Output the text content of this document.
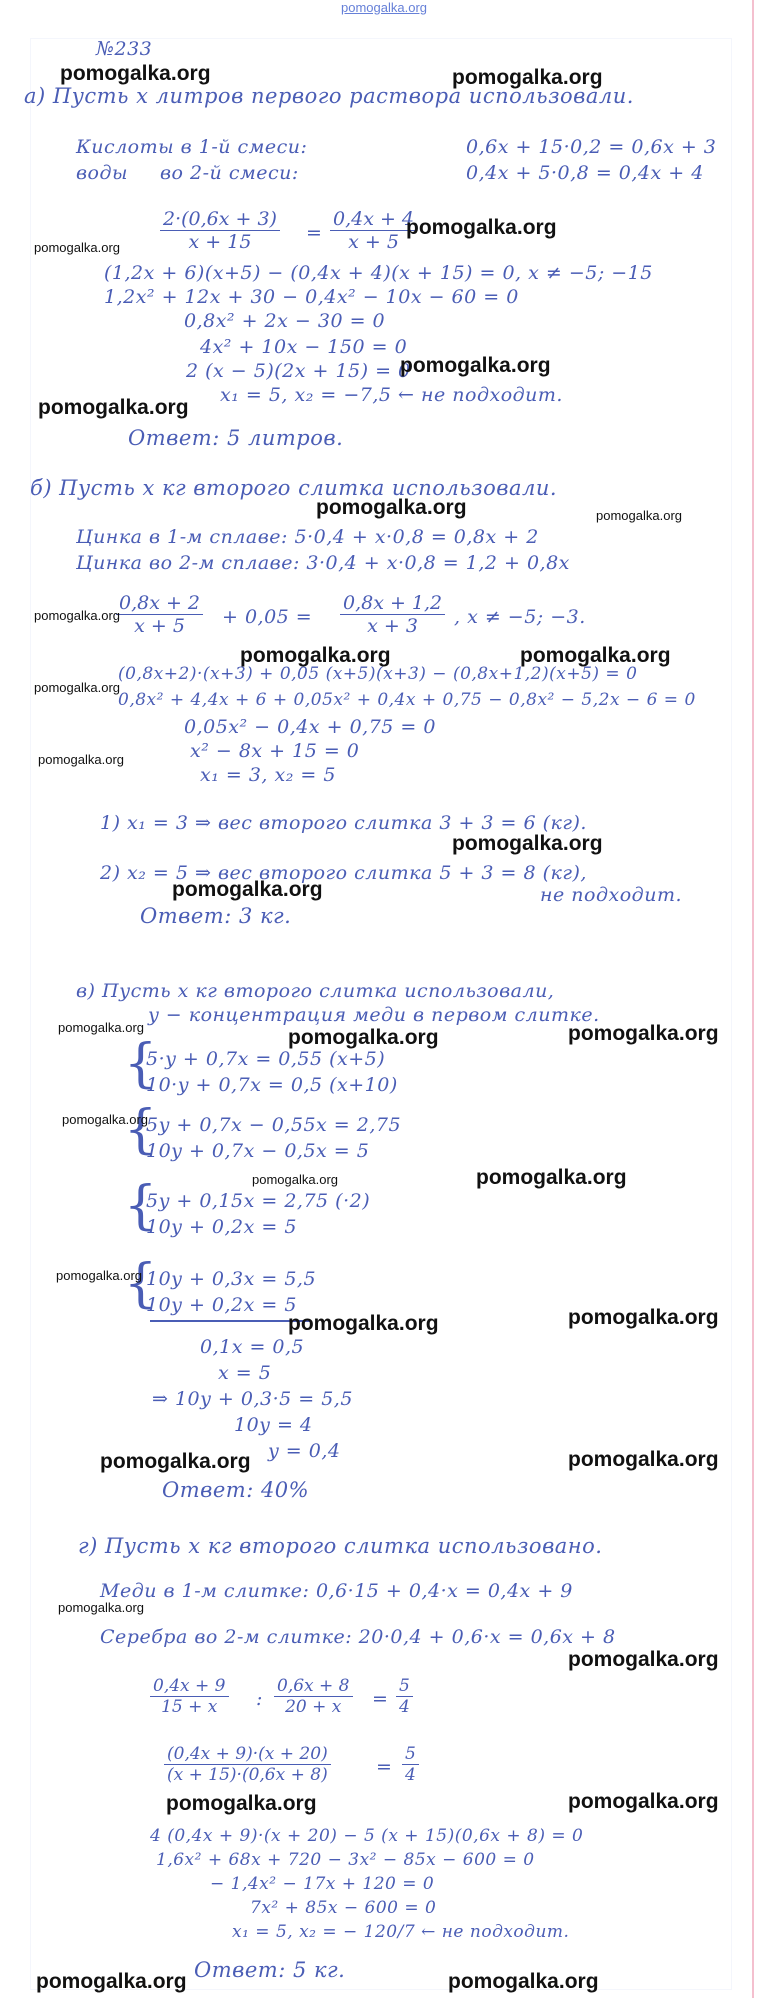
pomogalka.org
№233
а) Пусть x литров первого раствора использовали.
Кислоты в 1-й смеси:	0,6x + 15·0,2 = 0,6x + 3
воды во 2-й смеси:	0,4x + 5·0,8 = 0,4x + 4
$\frac{2\cdot(0,6x + 3)}{x + 15} = \frac{0,4x + 4}{x + 5}$
(1,2x + 6)(x+5) − (0,4x + 4)(x + 15) = 0, x ≠ −5; −15
1,2x² + 12x + 30 − 0,4x² − 10x − 60 = 0
0,8x² + 2x − 30 = 0
4x² + 10x − 150 = 0
2 (x − 5)(2x + 15) = 0
x₁ = 5, x₂ = −7,5 ← не подходит.
Ответ: 5 литров.
б) Пусть x кг второго слитка использовали.
Цинка в 1-м сплаве: 5·0,4 + x·0,8 = 0,8x + 2
Цинка во 2-м сплаве: 3·0,4 + x·0,8 = 1,2 + 0,8x
$\frac{0,8x + 2}{x + 5} + 0,05 = \frac{0,8x + 1,2}{x + 3}$ , x ≠ −5; −3.
(0,8x+2)·(x+3) + 0,05 (x+5)(x+3) − (0,8x+1,2)(x+5) = 0
0,8x² + 4,4x + 6 + 0,05x² + 0,4x + 0,75 − 0,8x² − 5,2x − 6 = 0
0,05x² − 0,4x + 0,75 = 0
x² − 8x + 15 = 0
x₁ = 3, x₂ = 5
1) x₁ = 3 ⇒ вес второго слитка 3 + 3 = 6 (кг).
2) x₂ = 5 ⇒ вес второго слитка 5 + 3 = 8 (кг),
не подходит.
Ответ: 3 кг.
в) Пусть x кг второго слитка использовали,
y − концентрация меди в первом слитке.
{
5·y + 0,7x = 0,55 (x+5)
10·y + 0,7x = 0,5 (x+10)
{
5y + 0,7x − 0,55x = 2,75
10y + 0,7x − 0,5x = 5
{
5y + 0,15x = 2,75 (·2)
10y + 0,2x = 5
{
10y + 0,3x = 5,5
10y + 0,2x = 5
0,1x = 0,5
x = 5
⇒ 10y + 0,3·5 = 5,5
10y = 4
y = 0,4
Ответ: 40%
г) Пусть x кг второго слитка использовано.
Меди в 1-м слитке: 0,6·15 + 0,4·x = 0,4x + 9
Серебра во 2-м слитке: 20·0,4 + 0,6·x = 0,6x + 8
$\frac{0,4x + 9}{15 + x}$ : $\frac{0,6x + 8}{20 + x} = \frac{5}{4}$
$\frac{(0,4x + 9)\cdot(x + 20)}{(x + 15)\cdot(0,6x + 8)} = \frac{5}{4}$
4 (0,4x + 9)·(x + 20) − 5 (x + 15)(0,6x + 8) = 0
1,6x² + 68x + 720 − 3x² − 85x − 600 = 0
− 1,4x² − 17x + 120 = 0
7x² + 85x − 600 = 0
x₁ = 5, x₂ = − 120/7 ← не подходит.
Ответ: 5 кг.
pomogalka.org	pomogalka.org
pomogalka.org
pomogalka.org
pomogalka.org
pomogalka.org
pomogalka.org	pomogalka.org
pomogalka.org
pomogalka.org
pomogalka.org	pomogalka.org
pomogalka.org
pomogalka.org	pomogalka.org
pomogalka.org	pomogalka.org
pomogalka.org
pomogalka.org	pomogalka.org
pomogalka.org	pomogalka.org
pomogalka.org
pomogalka.org
pomogalka.org
pomogalka.org
pomogalka.org
pomogalka.org
pomogalka.org
pomogalka.org
pomogalka.org
pomogalka.org
